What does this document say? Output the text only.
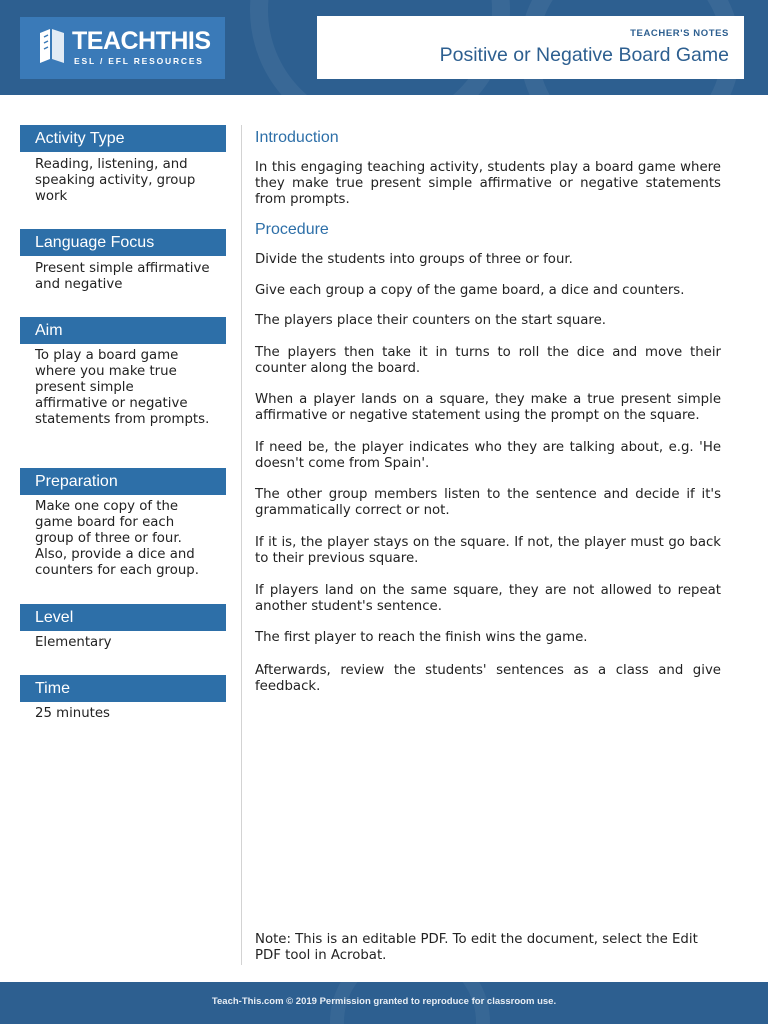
TEACHTHIS
ESL / EFL RESOURCES
TEACHER'S NOTES
Positive or Negative Board Game
Activity Type
Reading, listening, and speaking activity, group work
Language Focus
Present simple affirmative and negative
Aim
To play a board game where you make true present simple affirmative or negative statements from prompts.
Preparation
Make one copy of the game board for each group of three or four. Also, provide a dice and counters for each group.
Level
Elementary
Time
25 minutes
Introduction
In this engaging teaching activity, students play a board game where they make true present simple affirmative or negative statements from prompts.
Procedure
Divide the students into groups of three or four.
Give each group a copy of the game board, a dice and counters.
The players place their counters on the start square.
The players then take it in turns to roll the dice and move their counter along the board.
When a player lands on a square, they make a true present simple affirmative or negative statement using the prompt on the square.
If need be, the player indicates who they are talking about, e.g. 'He doesn't come from Spain'.
The other group members listen to the sentence and decide if it's grammatically correct or not.
If it is, the player stays on the square. If not, the player must go back to their previous square.
If players land on the same square, they are not allowed to repeat another student's sentence.
The first player to reach the finish wins the game.
Afterwards, review the students' sentences as a class and give feedback.
Note: This is an editable PDF. To edit the document, select the Edit PDF tool in Acrobat.
Teach-This.com © 2019 Permission granted to reproduce for classroom use.
